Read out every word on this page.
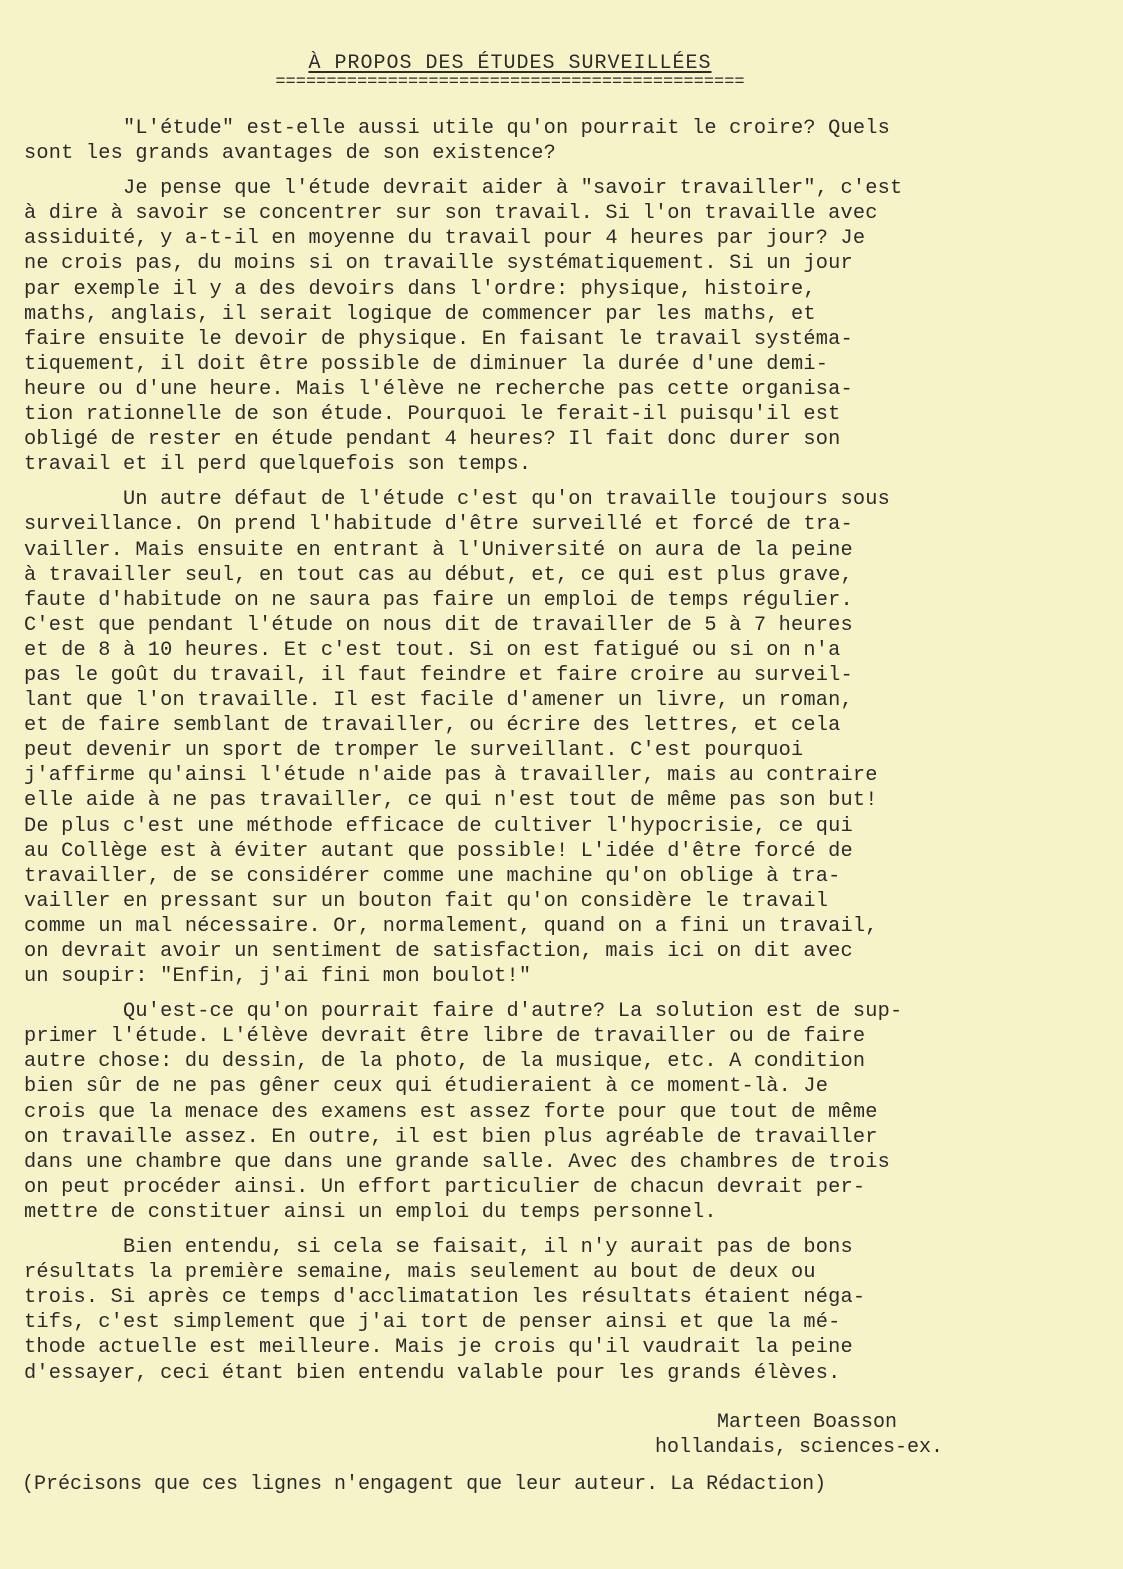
À PROPOS DES ÉTUDES SURVEILLÉES
==============================================
"L'étude" est-elle aussi utile qu'on pourrait le croire? Quels
sont les grands avantages de son existence?
Je pense que l'étude devrait aider à "savoir travailler", c'est
à dire à savoir se concentrer sur son travail. Si l'on travaille avec
assiduité, y a-t-il en moyenne du travail pour 4 heures par jour? Je
ne crois pas, du moins si on travaille systématiquement. Si un jour
par exemple il y a des devoirs dans l'ordre: physique, histoire,
maths, anglais, il serait logique de commencer par les maths, et
faire ensuite le devoir de physique. En faisant le travail systéma-
tiquement, il doit être possible de diminuer la durée d'une demi-
heure ou d'une heure. Mais l'élève ne recherche pas cette organisa-
tion rationnelle de son étude. Pourquoi le ferait-il puisqu'il est
obligé de rester en étude pendant 4 heures? Il fait donc durer son
travail et il perd quelquefois son temps.
Un autre défaut de l'étude c'est qu'on travaille toujours sous
surveillance. On prend l'habitude d'être surveillé et forcé de tra-
vailler. Mais ensuite en entrant à l'Université on aura de la peine
à travailler seul, en tout cas au début, et, ce qui est plus grave,
faute d'habitude on ne saura pas faire un emploi de temps régulier.
C'est que pendant l'étude on nous dit de travailler de 5 à 7 heures
et de 8 à 10 heures. Et c'est tout. Si on est fatigué ou si on n'a
pas le goût du travail, il faut feindre et faire croire au surveil-
lant que l'on travaille. Il est facile d'amener un livre, un roman,
et de faire semblant de travailler, ou écrire des lettres, et cela
peut devenir un sport de tromper le surveillant. C'est pourquoi
j'affirme qu'ainsi l'étude n'aide pas à travailler, mais au contraire
elle aide à ne pas travailler, ce qui n'est tout de même pas son but!
De plus c'est une méthode efficace de cultiver l'hypocrisie, ce qui
au Collège est à éviter autant que possible! L'idée d'être forcé de
travailler, de se considérer comme une machine qu'on oblige à tra-
vailler en pressant sur un bouton fait qu'on considère le travail
comme un mal nécessaire. Or, normalement, quand on a fini un travail,
on devrait avoir un sentiment de satisfaction, mais ici on dit avec
un soupir: "Enfin, j'ai fini mon boulot!"
Qu'est-ce qu'on pourrait faire d'autre? La solution est de sup-
primer l'étude. L'élève devrait être libre de travailler ou de faire
autre chose: du dessin, de la photo, de la musique, etc. A condition
bien sûr de ne pas gêner ceux qui étudieraient à ce moment-là. Je
crois que la menace des examens est assez forte pour que tout de même
on travaille assez. En outre, il est bien plus agréable de travailler
dans une chambre que dans une grande salle. Avec des chambres de trois
on peut procéder ainsi. Un effort particulier de chacun devrait per-
mettre de constituer ainsi un emploi du temps personnel.
Bien entendu, si cela se faisait, il n'y aurait pas de bons
résultats la première semaine, mais seulement au bout de deux ou
trois. Si après ce temps d'acclimatation les résultats étaient néga-
tifs, c'est simplement que j'ai tort de penser ainsi et que la mé-
thode actuelle est meilleure. Mais je crois qu'il vaudrait la peine
d'essayer, ceci étant bien entendu valable pour les grands élèves.
Marteen Boasson
hollandais, sciences-ex.
(Précisons que ces lignes n'engagent que leur auteur. La Rédaction)
